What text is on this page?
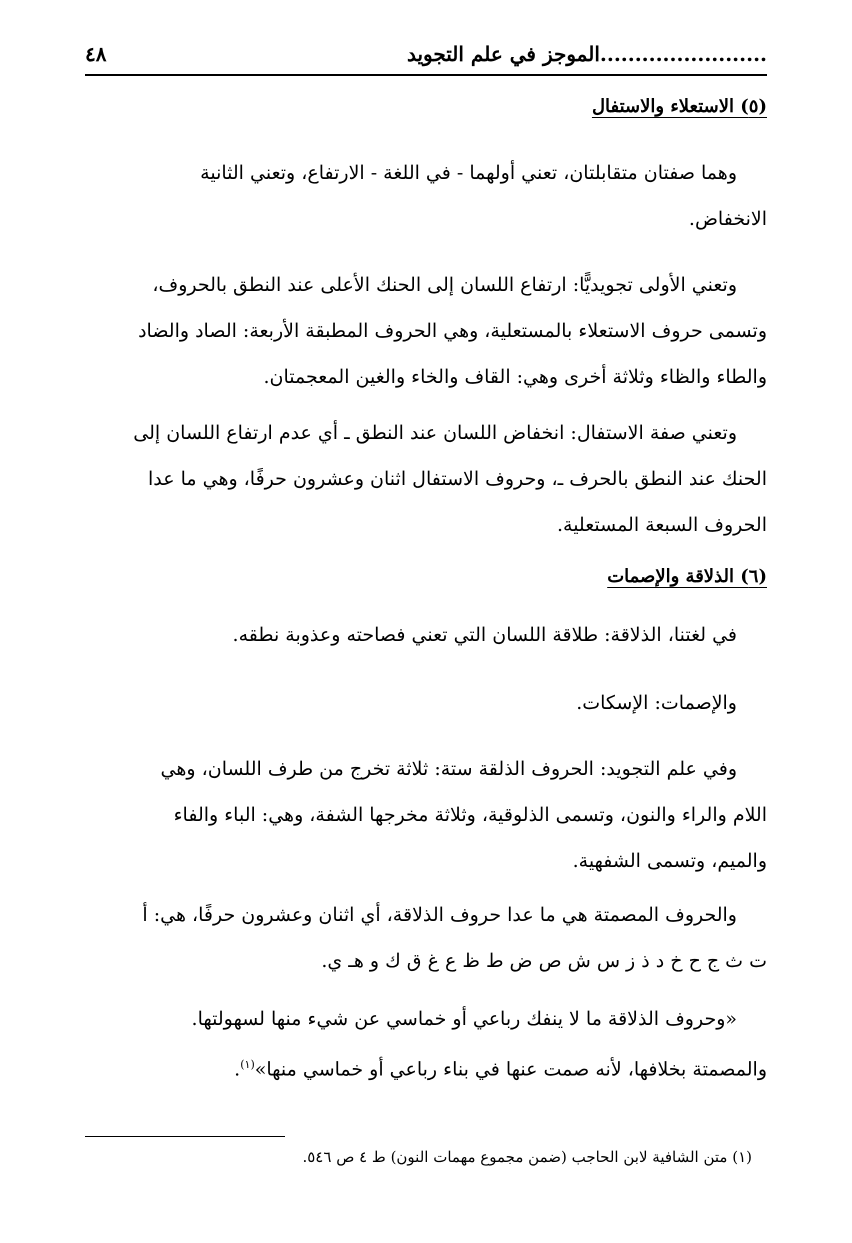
٤٨	........................الموجز في علم التجويد
(٥) الاستعلاء والاستفال
وهما صفتان متقابلتان، تعني أولهما - في اللغة - الارتفاع، وتعني الثانية
الانخفاض.
وتعني الأولى تجويديًّا: ارتفاع اللسان إلى الحنك الأعلى عند النطق بالحروف،
وتسمى حروف الاستعلاء بالمستعلية، وهي الحروف المطبقة الأربعة: الصاد والضاد
والطاء والظاء وثلاثة أخرى وهي: القاف والخاء والغين المعجمتان.
وتعني صفة الاستفال: انخفاض اللسان عند النطق ـ أي عدم ارتفاع اللسان إلى
الحنك عند النطق بالحرف ـ، وحروف الاستفال اثنان وعشرون حرفًا، وهي ما عدا
الحروف السبعة المستعلية.
(٦) الذلاقة والإصمات
في لغتنا، الذلاقة: طلاقة اللسان التي تعني فصاحته وعذوبة نطقه.
والإصمات: الإسكات.
وفي علم التجويد: الحروف الذلقة ستة: ثلاثة تخرج من طرف اللسان، وهي
اللام والراء والنون، وتسمى الذلوقية، وثلاثة مخرجها الشفة، وهي: الباء والفاء
والميم، وتسمى الشفهية.
والحروف المصمتة هي ما عدا حروف الذلاقة، أي اثنان وعشرون حرفًا، هي: أ
ت ث ج ح خ د ذ ز س ش ص ض ط ظ ع غ ق ك و هـ ي.
«وحروف الذلاقة ما لا ينفك رباعي أو خماسي عن شيء منها لسهولتها.
والمصمتة بخلافها، لأنه صمت عنها في بناء رباعي أو خماسي منها»$^{(١)}$.
(١) متن الشافية لابن الحاجب (ضمن مجموع مهمات النون) ط ٤ ص ٥٤٦.
